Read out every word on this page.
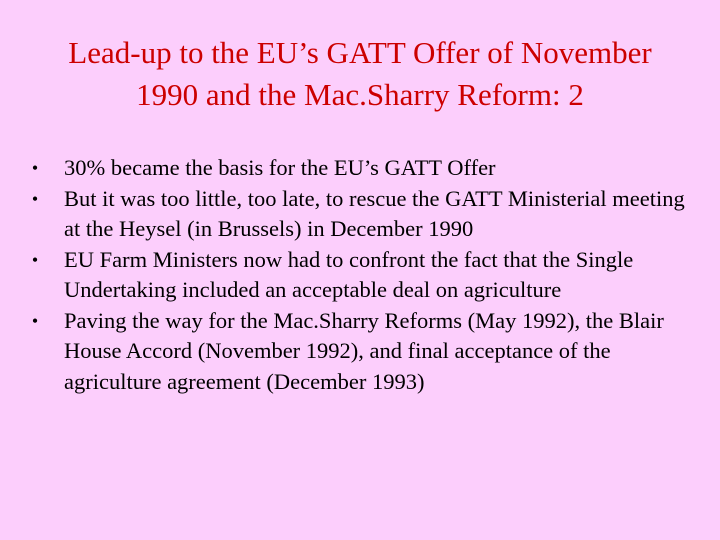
Lead-up to the EU’s GATT Offer of November
1990 and the Mac.Sharry Reform: 2
• 30% became the basis for the EU’s GATT Offer
• But it was too little, too late, to rescue the GATT Ministerial meeting at the Heysel (in Brussels) in December 1990
• EU Farm Ministers now had to confront the fact that the Single Undertaking included an acceptable deal on agriculture
• Paving the way for the Mac.Sharry Reforms (May 1992), the Blair House Accord (November 1992), and final acceptance of the agriculture agreement (December 1993)
